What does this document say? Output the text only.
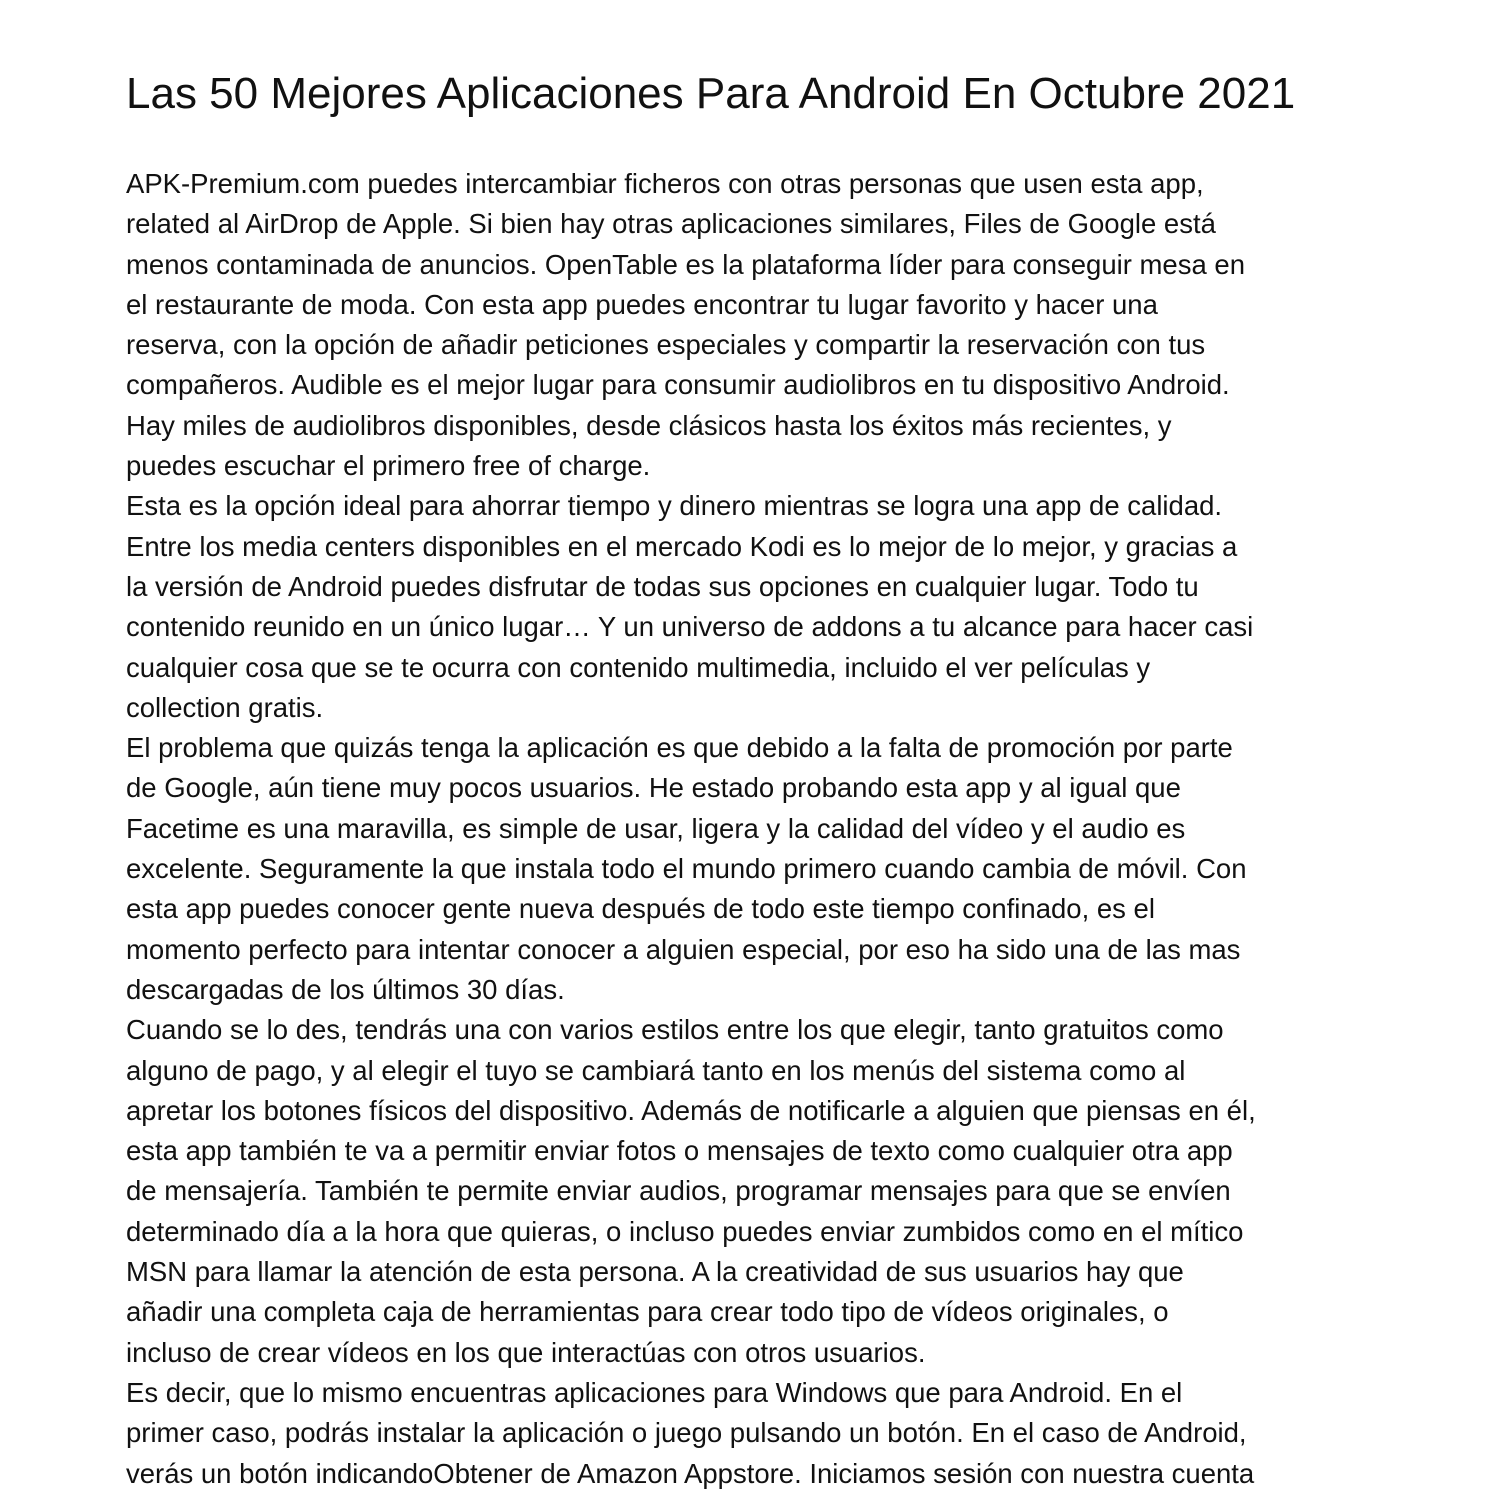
Las 50 Mejores Aplicaciones Para Android En Octubre 2021

APK-Premium.com puedes intercambiar ficheros con otras personas que usen esta app,

related al AirDrop de Apple. Si bien hay otras aplicaciones similares, Files de Google está

menos contaminada de anuncios. OpenTable es la plataforma líder para conseguir mesa en

el restaurante de moda. Con esta app puedes encontrar tu lugar favorito y hacer una

reserva, con la opción de añadir peticiones especiales y compartir la reservación con tus

compañeros. Audible es el mejor lugar para consumir audiolibros en tu dispositivo Android.

Hay miles de audiolibros disponibles, desde clásicos hasta los éxitos más recientes, y

puedes escuchar el primero free of charge.

Esta es la opción ideal para ahorrar tiempo y dinero mientras se logra una app de calidad.

Entre los media centers disponibles en el mercado Kodi es lo mejor de lo mejor, y gracias a

la versión de Android puedes disfrutar de todas sus opciones en cualquier lugar. Todo tu

contenido reunido en un único lugar… Y un universo de addons a tu alcance para hacer casi

cualquier cosa que se te ocurra con contenido multimedia, incluido el ver películas y

collection gratis.

El problema que quizás tenga la aplicación es que debido a la falta de promoción por parte

de Google, aún tiene muy pocos usuarios. He estado probando esta app y al igual que

Facetime es una maravilla, es simple de usar, ligera y la calidad del vídeo y el audio es

excelente. Seguramente la que instala todo el mundo primero cuando cambia de móvil. Con

esta app puedes conocer gente nueva después de todo este tiempo confinado, es el

momento perfecto para intentar conocer a alguien especial, por eso ha sido una de las mas

descargadas de los últimos 30 días.

Cuando se lo des, tendrás una con varios estilos entre los que elegir, tanto gratuitos como

alguno de pago, y al elegir el tuyo se cambiará tanto en los menús del sistema como al

apretar los botones físicos del dispositivo. Además de notificarle a alguien que piensas en él,

esta app también te va a permitir enviar fotos o mensajes de texto como cualquier otra app

de mensajería. También te permite enviar audios, programar mensajes para que se envíen

determinado día a la hora que quieras, o incluso puedes enviar zumbidos como en el mítico

MSN para llamar la atención de esta persona. A la creatividad de sus usuarios hay que

añadir una completa caja de herramientas para crear todo tipo de vídeos originales, o

incluso de crear vídeos en los que interactúas con otros usuarios.

Es decir, que lo mismo encuentras aplicaciones para Windows que para Android. En el

primer caso, podrás instalar la aplicación o juego pulsando un botón. En el caso de Android,

verás un botón indicandoObtener de Amazon Appstore. Iniciamos sesión con nuestra cuenta
